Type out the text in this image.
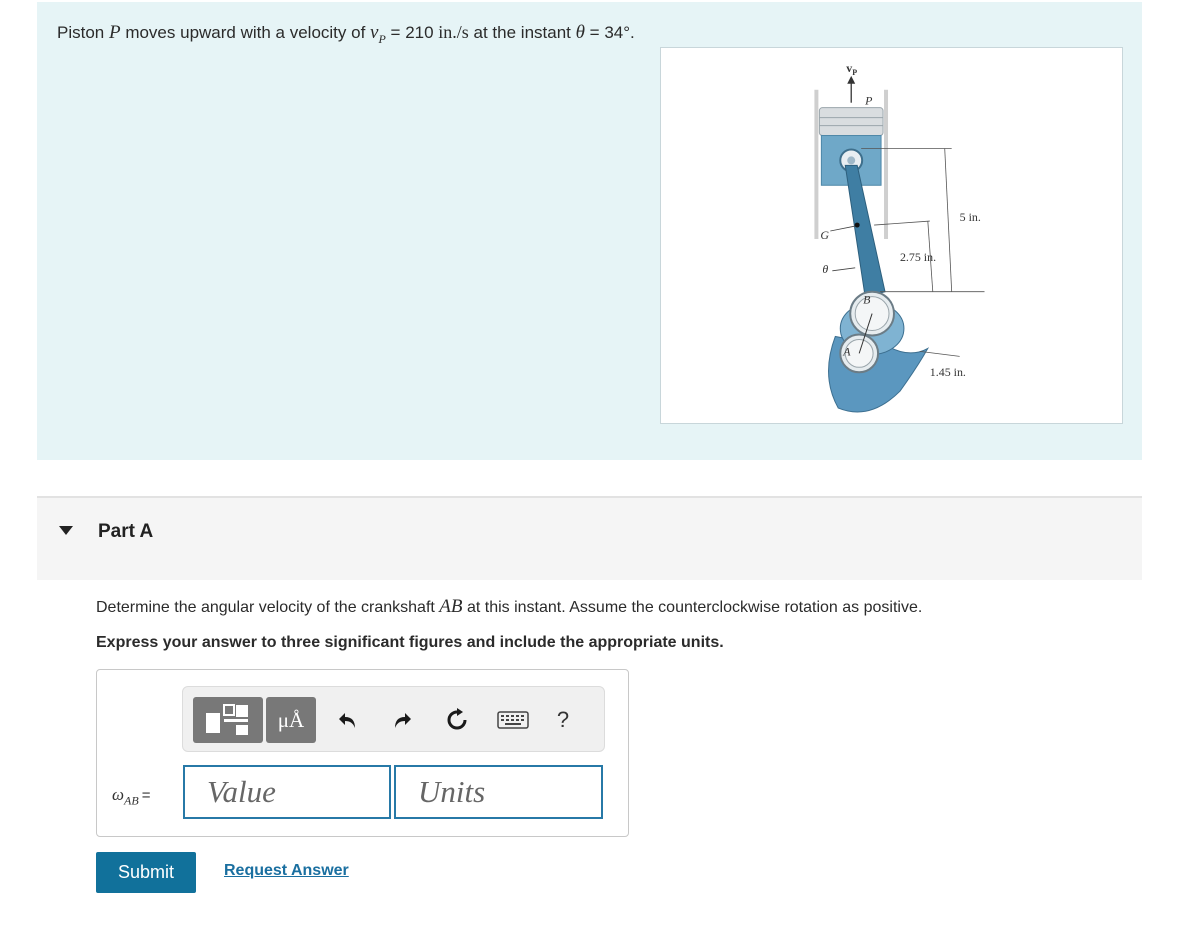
Piston P moves upward with a velocity of $v_P = 210$ in./s at the instant θ = 34°.
$v_P$
P
G
θ
B
A
5 in.
2.75 in.
1.45 in.
Part A
Determine the angular velocity of the crankshaft AB at this instant. Assume the counterclockwise rotation as positive.
Express your answer to three significant figures and include the appropriate units.
μÅ	?
$\omega_{AB}$ =	Value	Units
Submit	Request Answer
